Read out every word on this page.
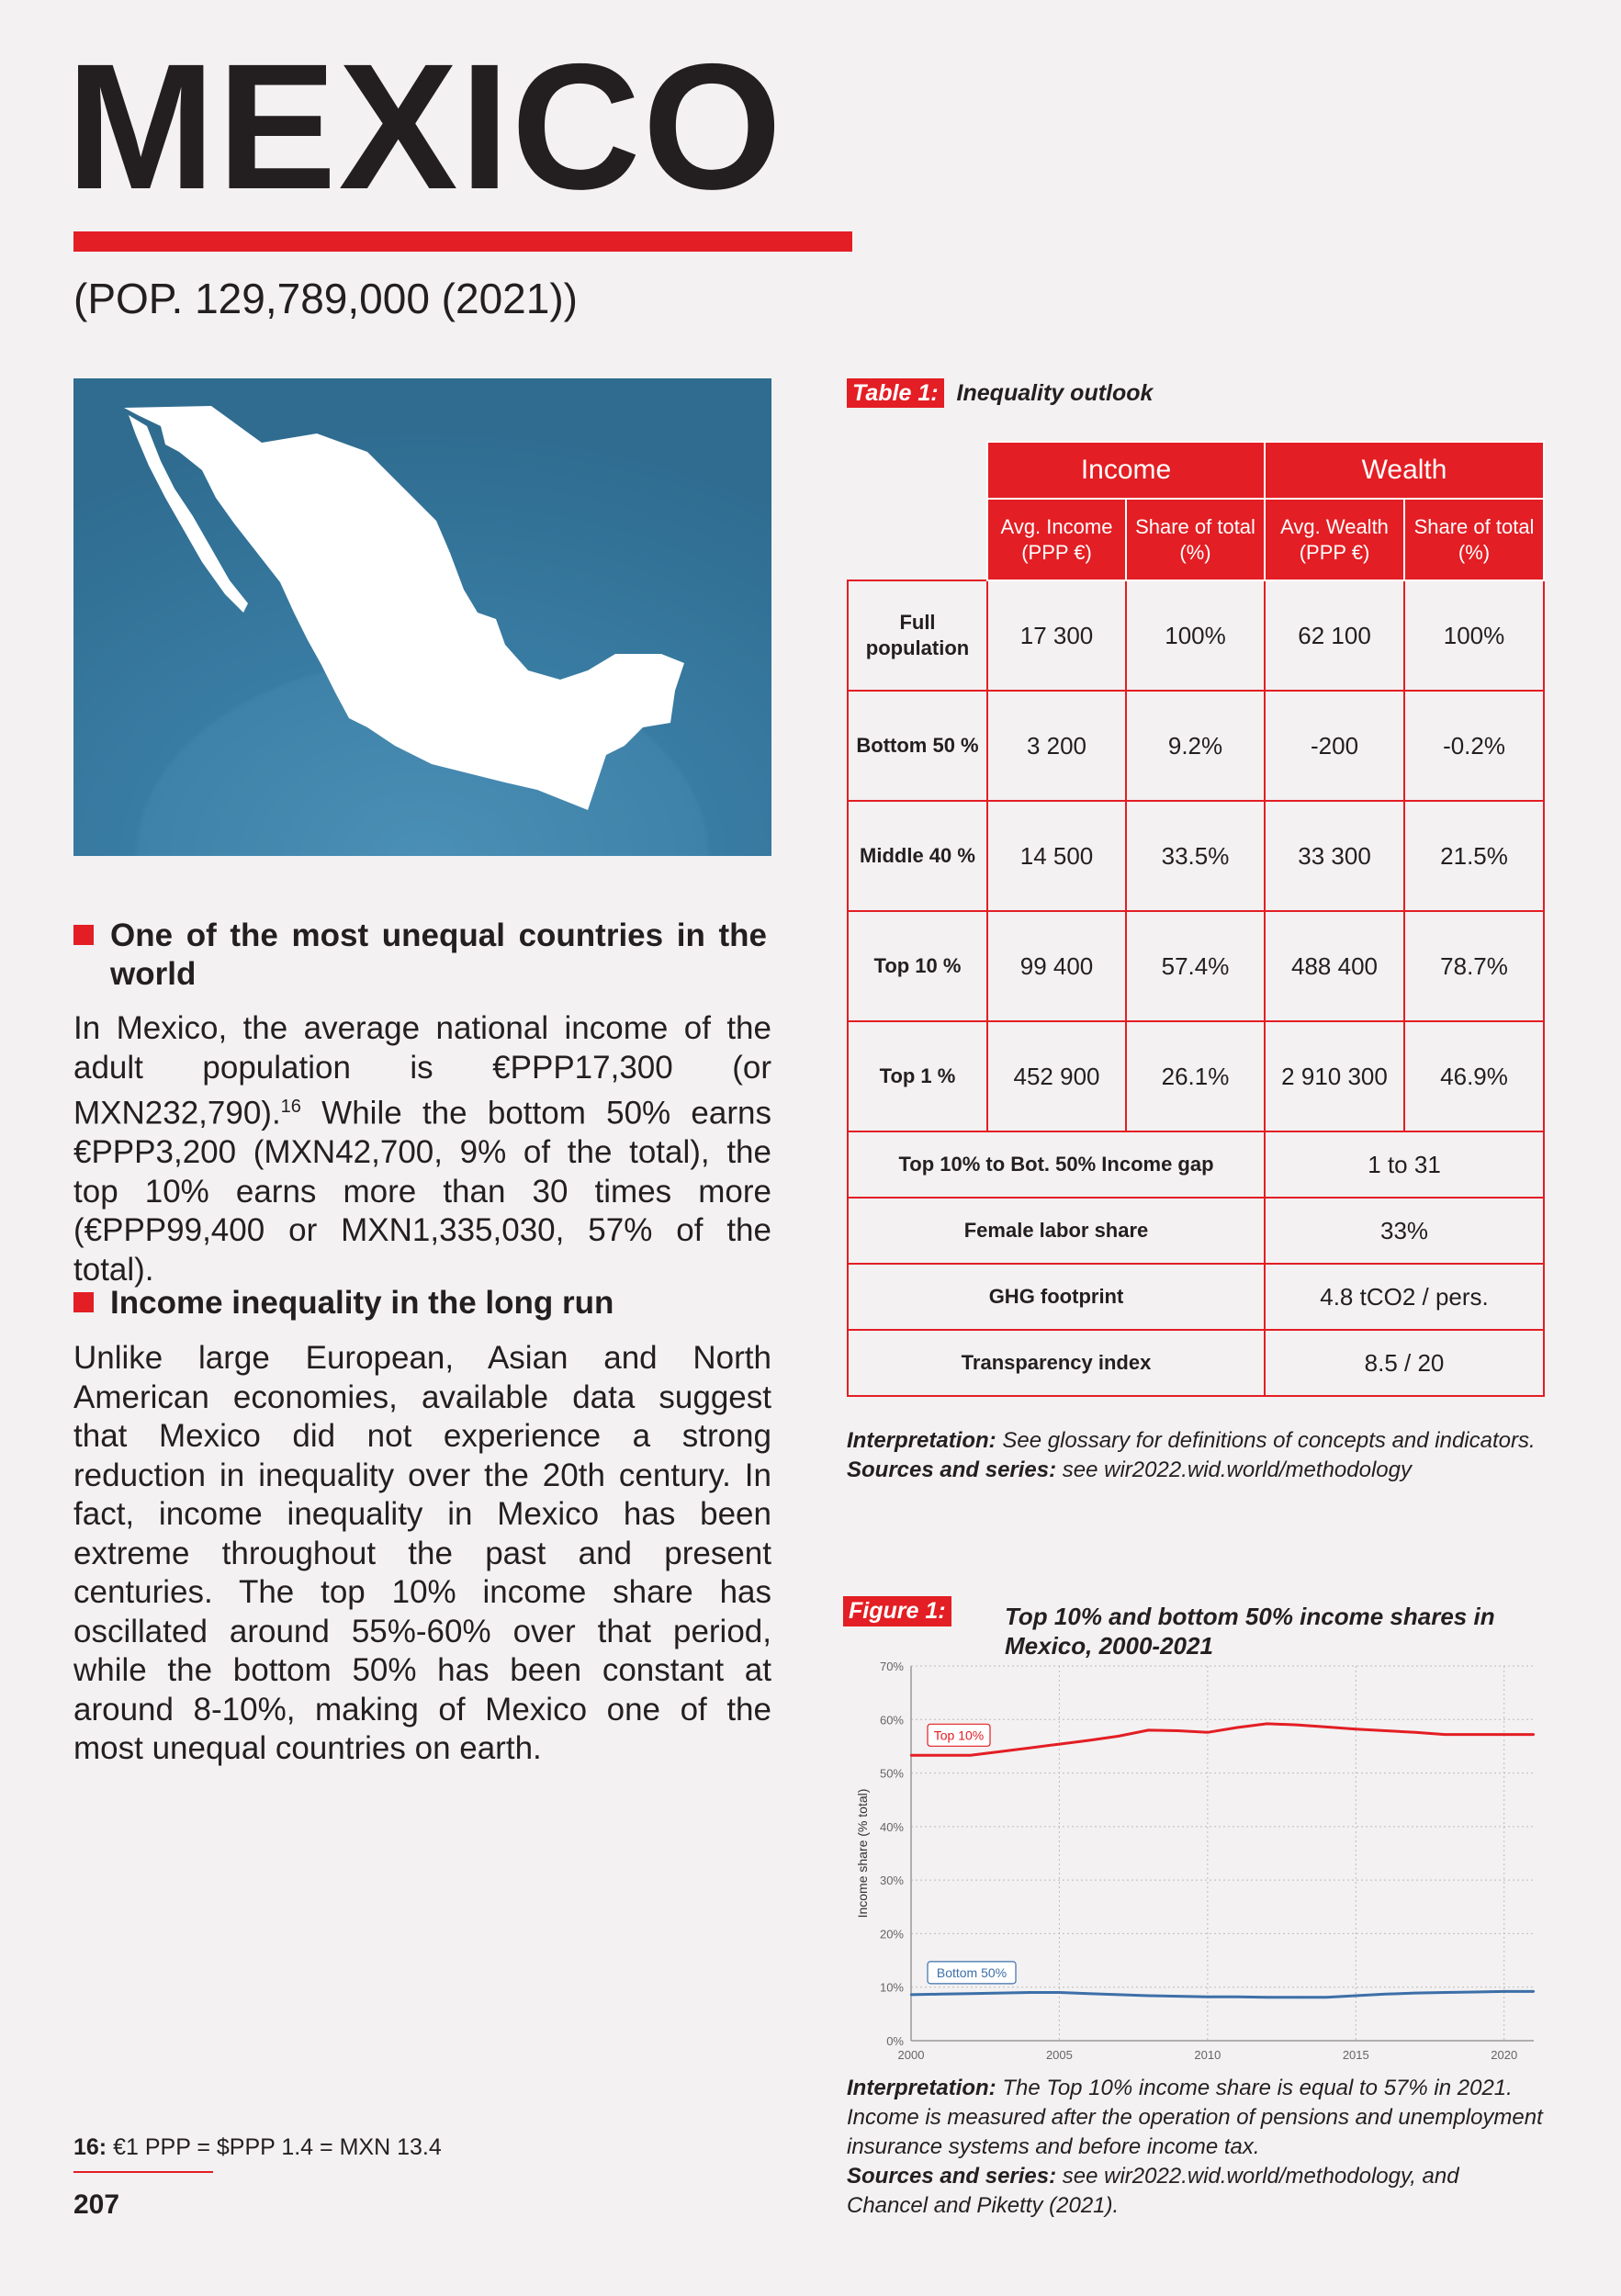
MEXICO
(POP. 129,789,000 (2021))
One of the most unequal countries in the world
In Mexico, the average national income of the adult population is €PPP17,300 (or MXN232,790).$^{16}$ While the bottom 50% earns €PPP3,200 (MXN42,700, 9% of the total), the top 10% earns more than 30 times more (€PPP99,400 or MXN1,335,030, 57% of the total).
Income inequality in the long run
Unlike large European, Asian and North American economies, available data suggest that Mexico did not experience a strong reduction in inequality over the 20th century. In fact, income inequality in Mexico has been extreme throughout the past and present centuries. The top 10% income share has oscillated around 55%-60% over that period, while the bottom 50% has been constant at around 8-10%, making of Mexico one of the most unequal countries on earth.
Table 1: Inequality outlook
	Income		Wealth	
	Avg. Income (PPP €)	Share of total (%)	Avg. Wealth (PPP €)	Share of total (%)
Full population	17 300	100%	62 100	100%
Bottom 50 %	3 200	9.2%	-200	-0.2%
Middle 40 %	14 500	33.5%	33 300	21.5%
Top 10 %	99 400	57.4%	488 400	78.7%
Top 1 %	452 900	26.1%	2 910 300	46.9%
Top 10% to Bot. 50% Income gap			1 to 31	
Female labor share			33%	
GHG footprint			4.8 tCO2 / pers.	
Transparency index			8.5 / 20	
Interpretation: See glossary for definitions of concepts and indicators.
Sources and series: see wir2022.wid.world/methodology
Figure 1: Top 10% and bottom 50% income shares in Mexico, 2000-2021
0%
10%
20%
30%
40%
50%
60%
70%
2000	2005	2010	2015	2020
Income share (% total)
Top 10%
Bottom 50%
Interpretation: The Top 10% income share is equal to 57% in 2021. Income is measured after the operation of pensions and unemployment insurance systems and before income tax.
Sources and series: see wir2022.wid.world/methodology, and Chancel and Piketty (2021).
16: €1 PPP = $PPP 1.4 = MXN 13.4
207
